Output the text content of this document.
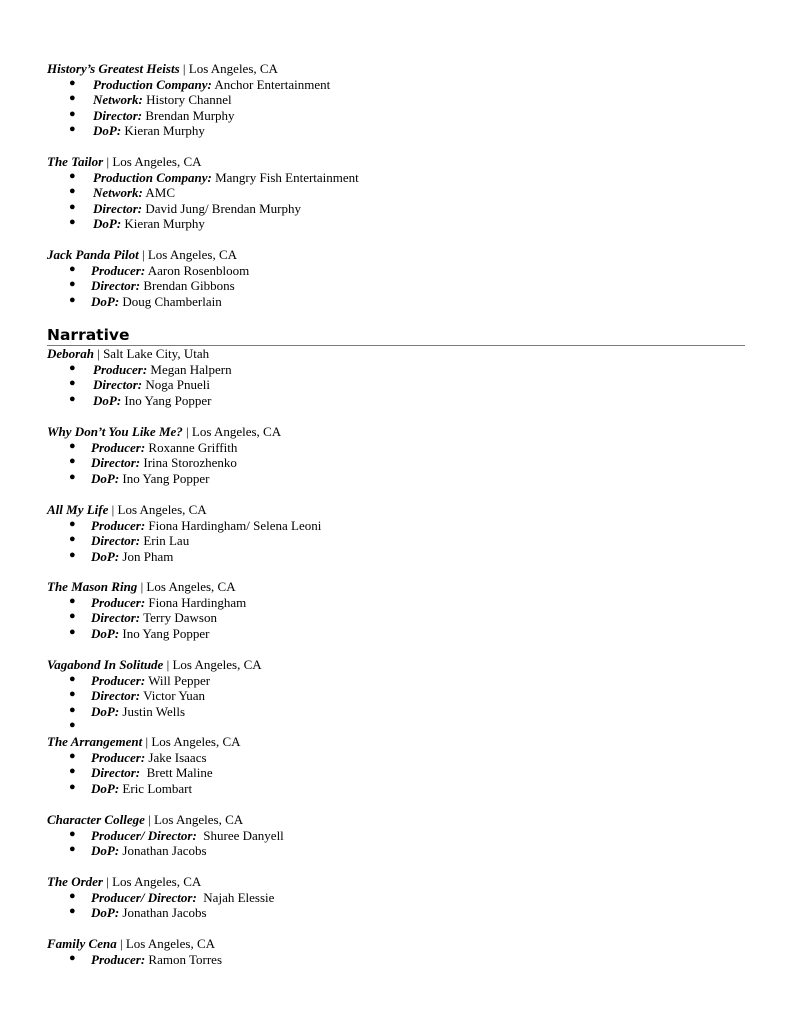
History’s Greatest Heists | Los Angeles, CA
● Production Company: Anchor Entertainment
● Network: History Channel
● Director: Brendan Murphy
● DoP: Kieran Murphy
The Tailor | Los Angeles, CA
● Production Company: Mangry Fish Entertainment
● Network: AMC
● Director: David Jung/ Brendan Murphy
● DoP: Kieran Murphy
Jack Panda Pilot | Los Angeles, CA
● Producer: Aaron Rosenbloom
● Director: Brendan Gibbons
● DoP: Doug Chamberlain
Narrative
Deborah | Salt Lake City, Utah
● Producer: Megan Halpern
● Director: Noga Pnueli
● DoP: Ino Yang Popper
Why Don’t You Like Me? | Los Angeles, CA
● Producer: Roxanne Griffith
● Director: Irina Storozhenko
● DoP: Ino Yang Popper
All My Life | Los Angeles, CA
● Producer: Fiona Hardingham/ Selena Leoni
● Director: Erin Lau
● DoP: Jon Pham
The Mason Ring | Los Angeles, CA
● Producer: Fiona Hardingham
● Director: Terry Dawson
● DoP: Ino Yang Popper
Vagabond In Solitude | Los Angeles, CA
● Producer: Will Pepper
● Director: Victor Yuan
● DoP: Justin Wells
●
The Arrangement | Los Angeles, CA
● Producer: Jake Isaacs
● Director:  Brett Maline
● DoP: Eric Lombart
Character College | Los Angeles, CA
● Producer/ Director:  Shuree Danyell
● DoP: Jonathan Jacobs
The Order | Los Angeles, CA
● Producer/ Director:  Najah Elessie
● DoP: Jonathan Jacobs
Family Cena | Los Angeles, CA
● Producer: Ramon Torres
